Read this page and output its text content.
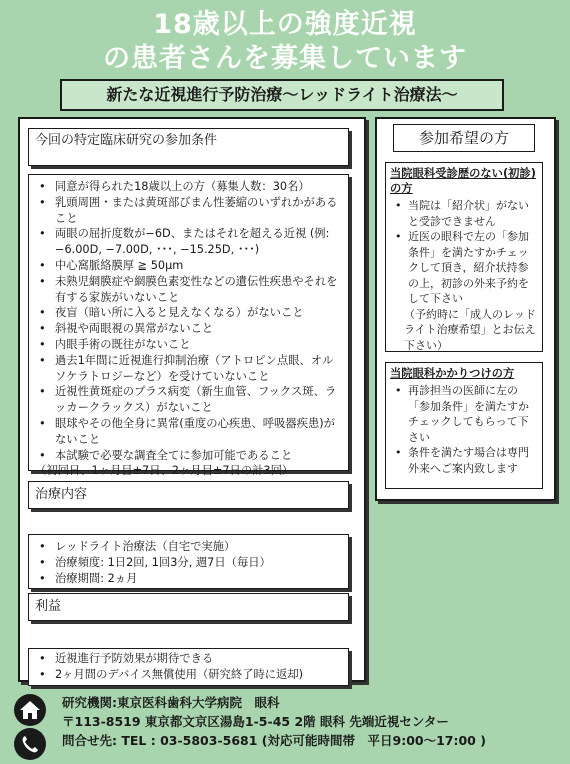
18歳以上の強度近視
の患者さんを募集しています
新たな近視進行予防治療～レッドライト治療法～
今回の特定臨床研究の参加条件
• 同意が得られた18歳以上の方（募集人数：30名）
• 乳頭周囲・または黄斑部びまん性萎縮のいずれかがあること
• 両眼の屈折度数が−6D、またはそれを超える近視 (例: −6.00D, −7.00D, ･･･, −15.25D, ･･･)
• 中心窩脈絡膜厚 ≧ 50μm
• 未熟児網膜症や網膜色素変性などの遺伝性疾患やそれを有する家族がいないこと
• 夜盲（暗い所に入ると見えなくなる）がないこと
• 斜視や両眼視の異常がないこと
• 内眼手術の既往がないこと
• 過去1年間に近視進行抑制治療（アトロピン点眼、オルソケラトロジーなど）を受けていないこと
• 近視性黄斑症のプラス病変（新生血管、フックス斑、ラッカークラックス）がないこと
• 眼球やその他全身に異常(重度の心疾患、呼吸器疾患)がないこと
• 本試験で必要な調査全てに参加可能であること
（初回日、1ヶ月目±7日、2ヶ月目±7日の計3回）
治療内容
• レッドライト治療法（自宅で実施）
• 治療頻度: 1日2回, 1回3分, 週7日（毎日）
• 治療期間: 2ヵ月
利益
• 近視進行予防効果が期待できる
• 2ヶ月間のデバイス無償使用（研究終了時に返却)
参加希望の方
当院眼科受診歴のない(初診)の方
• 当院は「紹介状」がないと受診できません
• 近医の眼科で左の「参加条件」を満たすかチェックして頂き，紹介状持参の上，初診の外来予約をして下さい
（予約時に「成人のレッドライト治療希望」とお伝え下さい）
当院眼科かかりつけの方
• 再診担当の医師に左の「参加条件」を満たすかチェックしてもらって下さい
• 条件を満たす場合は専門外来へご案内致します
研究機関:東京医科歯科大学病院　眼科
〒113-8519 東京都文京区湯島1-5-45 2階 眼科 先端近視センター
問合せ先: TEL : 03-5803-5681 (対応可能時間帯　平日9:00～17:00 )
